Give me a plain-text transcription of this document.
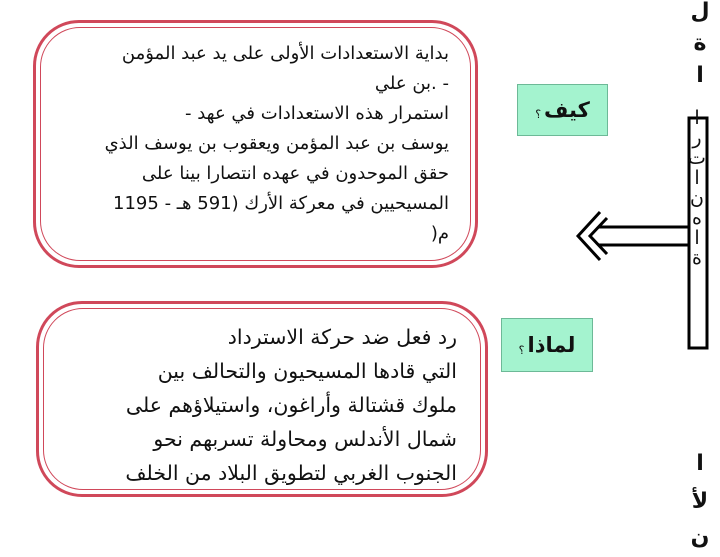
بداية الاستعدادات الأولى على يد عبد المؤمن
- .بن علي
استمرار هذه الاستعدادات في عهد -
يوسف بن عبد المؤمن ويعقوب بن يوسف الذي
حقق الموحدون في عهده انتصارا بينا على
المسيحيين في معركة الأرك (591 هـ - 1195
م(
رد فعل ضد حركة الاسترداد
التي قادها المسيحيون والتحالف بين
ملوك قشتالة وأراغون، واستيلاؤهم على
شمال الأندلس ومحاولة تسربهم نحو
الجنوب الغربي لتطويق البلاد من الخلف
كيف
؟
لماذا
؟
ل
ة
ا
ا
ر
ت
ا
ن
ه
ا
ة
ا
لأ
ن
